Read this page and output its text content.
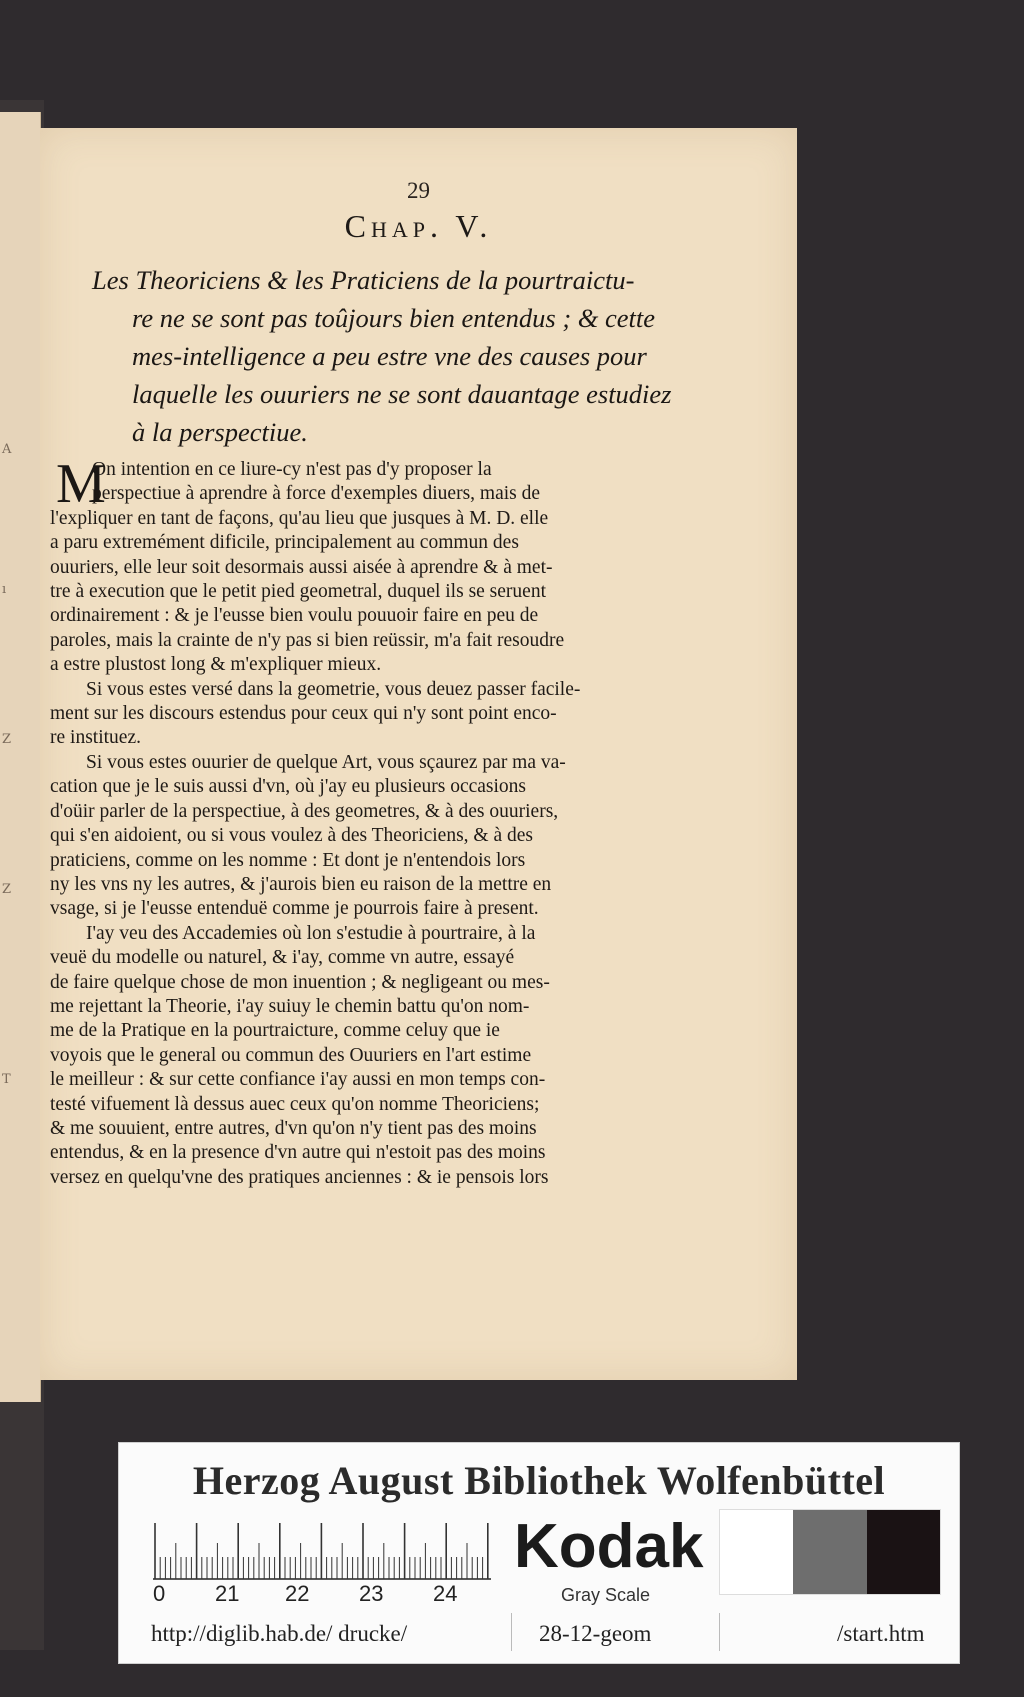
A
ı
Z
Z
T
29
Chap. V.
Les Theoriciens & les Praticiens de la pourtraictu-
re ne se sont pas toûjours bien entendus ; & cette
mes-intelligence a peu estre vne des causes pour
laquelle les ouuriers ne se sont dauantage estudiez
à la perspectiue.
M
On intention en ce liure-cy n'est pas d'y proposer la
perspectiue à aprendre à force d'exemples diuers, mais de
l'expliquer en tant de façons, qu'au lieu que jusques à M. D. elle
a paru extremément dificile, principalement au commun des
ouuriers, elle leur soit desormais aussi aisée à aprendre & à met-
tre à execution que le petit pied geometral, duquel ils se seruent
ordinairement : & je l'eusse bien voulu pouuoir faire en peu de
paroles, mais la crainte de n'y pas si bien reüssir, m'a fait resoudre
a estre plustost long & m'expliquer mieux.
Si vous estes versé dans la geometrie, vous deuez passer facile-
ment sur les discours estendus pour ceux qui n'y sont point enco-
re instituez.
Si vous estes ouurier de quelque Art, vous sçaurez par ma va-
cation que je le suis aussi d'vn, où j'ay eu plusieurs occasions
d'oüir parler de la perspectiue, à des geometres, & à des ouuriers,
qui s'en aidoient, ou si vous voulez à des Theoriciens, & à des
praticiens, comme on les nomme : Et dont je n'entendois lors
ny les vns ny les autres, & j'aurois bien eu raison de la mettre en
vsage, si je l'eusse entenduë comme je pourrois faire à present.
I'ay veu des Accademies où lon s'estudie à pourtraire, à la
veuë du modelle ou naturel, & i'ay, comme vn autre, essayé
de faire quelque chose de mon inuention ; & negligeant ou mes-
me rejettant la Theorie, i'ay suiuy le chemin battu qu'on nom-
me de la Pratique en la pourtraicture, comme celuy que ie
voyois que le general ou commun des Ouuriers en l'art estime
le meilleur : & sur cette confiance i'ay aussi en mon temps con-
testé vifuement là dessus auec ceux qu'on nomme Theoriciens;
& me souuient, entre autres, d'vn qu'on n'y tient pas des moins
entendus, & en la presence d'vn autre qui n'estoit pas des moins
versez en quelqu'vne des pratiques anciennes : & ie pensois lors
Herzog August Bibliothek Wolfenbüttel
0 21 22 23 24
Kodak
Gray Scale
http://diglib.hab.de/ drucke/	28-12-geom	/start.htm
